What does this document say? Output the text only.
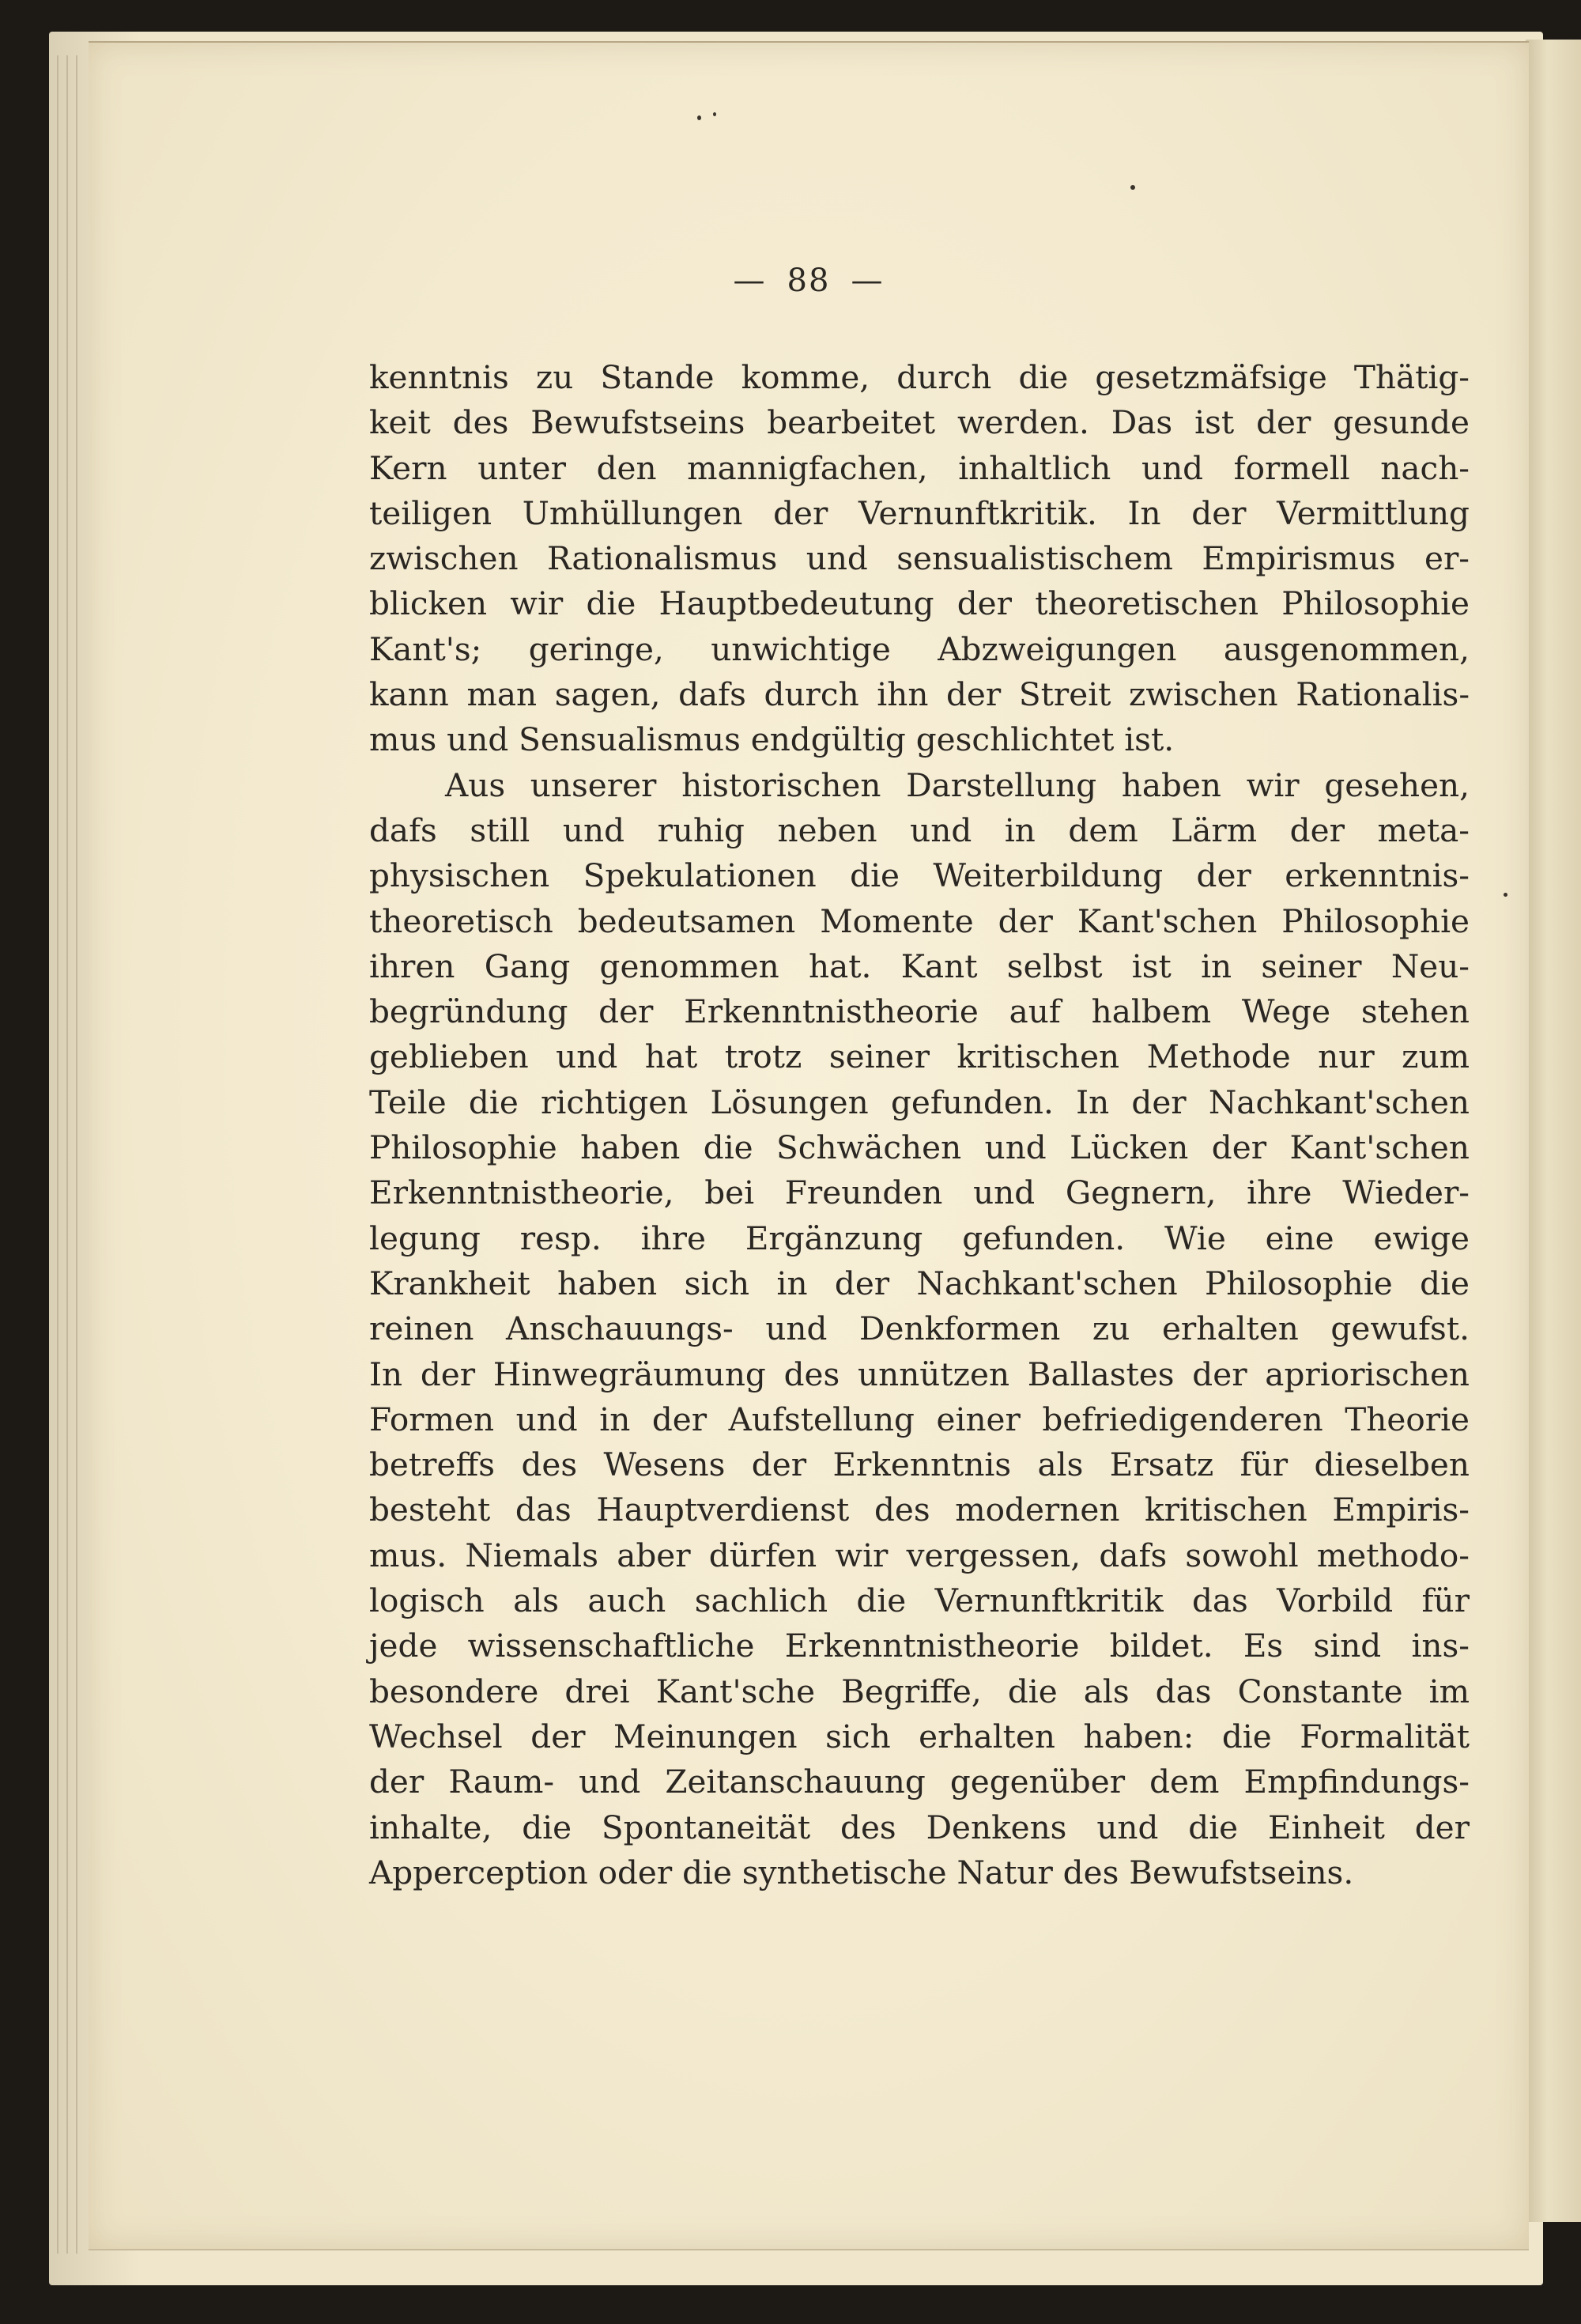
— 88 —
kenntnis zu Stande komme, durch die gesetzmäfsige Thätig-
keit des Bewufstseins bearbeitet werden. Das ist der gesunde
Kern unter den mannigfachen, inhaltlich und formell nach-
teiligen Umhüllungen der Vernunftkritik. In der Vermittlung
zwischen Rationalismus und sensualistischem Empirismus er-
blicken wir die Hauptbedeutung der theoretischen Philosophie
Kant's; geringe, unwichtige Abzweigungen ausgenommen,
kann man sagen, dafs durch ihn der Streit zwischen Rationalis-
mus und Sensualismus endgültig geschlichtet ist.
Aus unserer historischen Darstellung haben wir gesehen,
dafs still und ruhig neben und in dem Lärm der meta-
physischen Spekulationen die Weiterbildung der erkenntnis-
theoretisch bedeutsamen Momente der Kant'schen Philosophie
ihren Gang genommen hat. Kant selbst ist in seiner Neu-
begründung der Erkenntnistheorie auf halbem Wege stehen
geblieben und hat trotz seiner kritischen Methode nur zum
Teile die richtigen Lösungen gefunden. In der Nachkant'schen
Philosophie haben die Schwächen und Lücken der Kant'schen
Erkenntnistheorie, bei Freunden und Gegnern, ihre Wieder-
legung resp. ihre Ergänzung gefunden. Wie eine ewige
Krankheit haben sich in der Nachkant'schen Philosophie die
reinen Anschauungs- und Denkformen zu erhalten gewufst.
In der Hinwegräumung des unnützen Ballastes der apriorischen
Formen und in der Aufstellung einer befriedigenderen Theorie
betreffs des Wesens der Erkenntnis als Ersatz für dieselben
besteht das Hauptverdienst des modernen kritischen Empiris-
mus. Niemals aber dürfen wir vergessen, dafs sowohl methodo-
logisch als auch sachlich die Vernunftkritik das Vorbild für
jede wissenschaftliche Erkenntnistheorie bildet. Es sind ins-
besondere drei Kant'sche Begriffe, die als das Constante im
Wechsel der Meinungen sich erhalten haben: die Formalität
der Raum- und Zeitanschauung gegenüber dem Empfindungs-
inhalte, die Spontaneität des Denkens und die Einheit der
Apperception oder die synthetische Natur des Bewufstseins.
